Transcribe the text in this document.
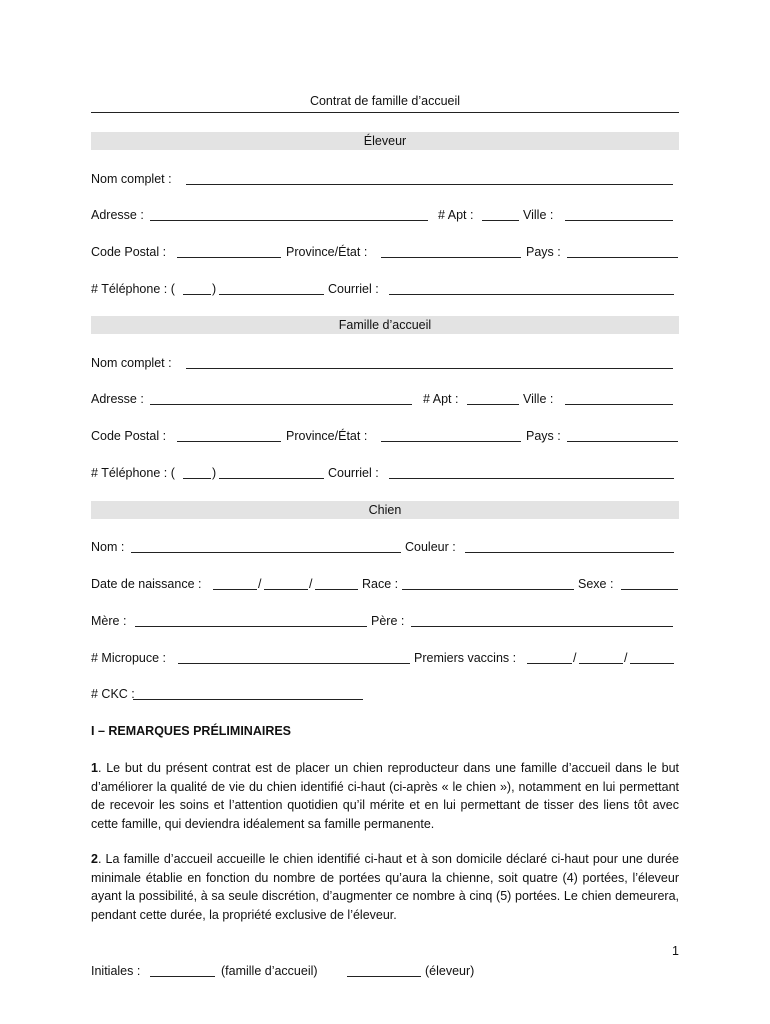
Contrat de famille d’accueil
Éleveur
Nom complet :
Adresse :	# Apt :	Ville :
Code Postal :	Province/État :	Pays :
# Téléphone : (	)	Courriel :
Famille d’accueil
Nom complet :
Adresse :	# Apt :	Ville :
Code Postal :	Province/État :	Pays :
# Téléphone : (	)	Courriel :
Chien
Nom :	Couleur :
Date de naissance :	/	/	Race :	Sexe :
Mère :	Père :
# Micropuce :	Premiers vaccins :	/	/
# CKC :
I – REMARQUES PRÉLIMINAIRES
1. Le but du présent contrat est de placer un chien reproducteur dans une famille d’accueil dans le but d’améliorer la qualité de vie du chien identifié ci-haut (ci-après « le chien »), notamment en lui permettant de recevoir les soins et l’attention quotidien qu’il mérite et en lui permettant de tisser des liens tôt avec cette famille, qui deviendra idéalement sa famille permanente.
2. La famille d’accueil accueille le chien identifié ci-haut et à son domicile déclaré ci-haut pour une durée minimale établie en fonction du nombre de portées qu’aura la chienne, soit quatre (4) portées, l’éleveur ayant la possibilité, à sa seule discrétion, d’augmenter ce nombre à cinq (5) portées. Le chien demeurera, pendant cette durée, la propriété exclusive de l’éleveur.
1
Initiales :	(famille d’accueil)	(éleveur)
